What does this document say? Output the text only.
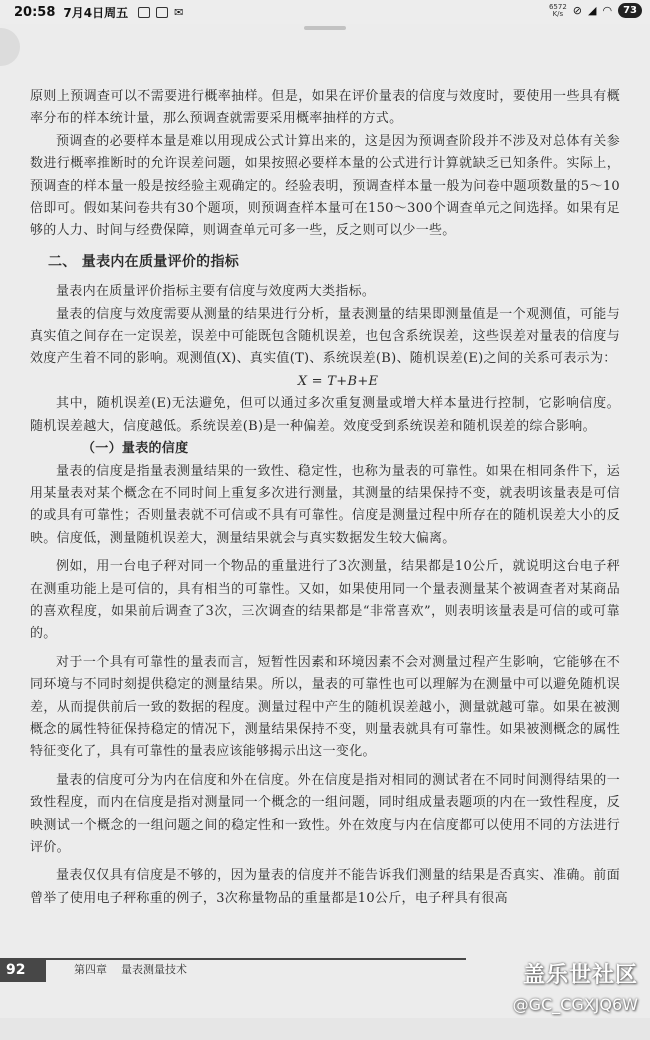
20:58 7月4日周五	✉	6572
K/s ⊘ ◢ ◠	73

原则上预调查可以不需要进行概率抽样。但是，如果在评价量表的信度与效度时，要使用一些具有概率分布的样本统计量，那么预调查就需要采用概率抽样的方式。

预调查的必要样本量是难以用现成公式计算出来的，这是因为预调查阶段并不涉及对总体有关参数进行概率推断时的允许误差问题，如果按照必要样本量的公式进行计算就缺乏已知条件。实际上，预调查的样本量一般是按经验主观确定的。经验表明，预调查样本量一般为问卷中题项数量的5～10倍即可。假如某问卷共有30个题项，则预调查样本量可在150～300个调查单元之间选择。如果有足够的人力、时间与经费保障，则调查单元可多一些，反之则可以少一些。

二、 量表内在质量评价的指标

量表内在质量评价指标主要有信度与效度两大类指标。

量表的信度与效度需要从测量的结果进行分析，量表测量的结果即测量值是一个观测值，可能与真实值之间存在一定误差，误差中可能既包含随机误差，也包含系统误差，这些误差对量表的信度与效度产生着不同的影响。观测值(X)、真实值(T)、系统误差(B)、随机误差(E)之间的关系可表示为：

X = T+B+E

其中，随机误差(E)无法避免，但可以通过多次重复测量或增大样本量进行控制，它影响信度。随机误差越大，信度越低。系统误差(B)是一种偏差。效度受到系统误差和随机误差的综合影响。

（一）量表的信度

量表的信度是指量表测量结果的一致性、稳定性，也称为量表的可靠性。如果在相同条件下，运用某量表对某个概念在不同时间上重复多次进行测量，其测量的结果保持不变，就表明该量表是可信的或具有可靠性；否则量表就不可信或不具有可靠性。信度是测量过程中所存在的随机误差大小的反映。信度低，测量随机误差大，测量结果就会与真实数据发生较大偏离。

例如，用一台电子秤对同一个物品的重量进行了3次测量，结果都是10公斤，就说明这台电子秤在测重功能上是可信的，具有相当的可靠性。又如，如果使用同一个量表测量某个被调查者对某商品的喜欢程度，如果前后调查了3次，三次调查的结果都是“非常喜欢”，则表明该量表是可信的或可靠的。

对于一个具有可靠性的量表而言，短暂性因素和环境因素不会对测量过程产生影响，它能够在不同环境与不同时刻提供稳定的测量结果。所以，量表的可靠性也可以理解为在测量中可以避免随机误差，从而提供前后一致的数据的程度。测量过程中产生的随机误差越小，测量就越可靠。如果在被测概念的属性特征保持稳定的情况下，测量结果保持不变，则量表就具有可靠性。如果被测概念的属性特征变化了，具有可靠性的量表应该能够揭示出这一变化。

量表的信度可分为内在信度和外在信度。外在信度是指对相同的测试者在不同时间测得结果的一致性程度，而内在信度是指对测量同一个概念的一组问题，同时组成量表题项的内在一致性程度，反映测试一个概念的一组问题之间的稳定性和一致性。外在效度与内在信度都可以使用不同的方法进行评价。

量表仅仅具有信度是不够的，因为量表的信度并不能告诉我们测量的结果是否真实、准确。前面曾举了使用电子秤称重的例子，3次称量物品的重量都是10公斤，电子秤具有很高

92	第四章 量表测量技术	盖乐世社区
@GC_CGXJQ6W
